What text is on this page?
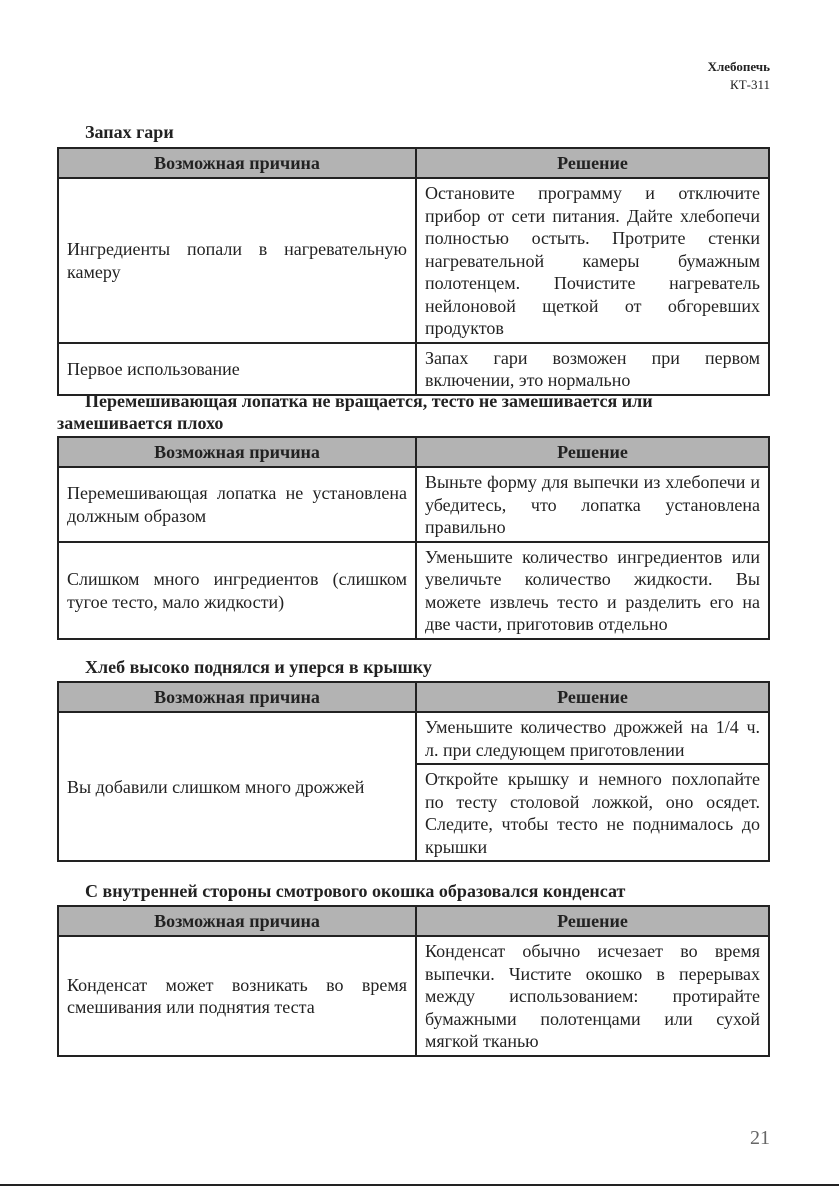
Хлебопечь
КТ-311
Запах гари
Возможная причина	Решение
Ингредиенты попали в нагревательную камеру	Остановите программу и отключите прибор от сети питания. Дайте хлебопечи полностью остыть. Протрите стенки нагревательной камеры бумажным полотенцем. Почистите нагреватель нейлоновой щеткой от обгоревших продуктов
Первое использование	Запах гари возможен при первом включении, это нормально
Перемешивающая лопатка не вращается, тесто не замешивается или замешивается плохо
Возможная причина	Решение
Перемешивающая лопатка не установлена должным образом	Выньте форму для выпечки из хлебопечи и убедитесь, что лопатка установлена правильно
Слишком много ингредиентов (слишком тугое тесто, мало жидкости)	Уменьшите количество ингредиентов или увеличьте количество жидкости. Вы можете извлечь тесто и разделить его на две части, приготовив отдельно
Хлеб высоко поднялся и уперся в крышку
Возможная причина	Решение
Вы добавили слишком много дрожжей	Уменьшите количество дрожжей на 1/4 ч. л. при следующем приготовлении
	Откройте крышку и немного похлопайте по тесту столовой ложкой, оно осядет. Следите, чтобы тесто не поднималось до крышки
С внутренней стороны смотрового окошка образовался конденсат
Возможная причина	Решение
Конденсат может возникать во время смешивания или поднятия теста	Конденсат обычно исчезает во время выпечки. Чистите окошко в перерывах между использованием: протирайте бумажными полотенцами или сухой мягкой тканью
21
